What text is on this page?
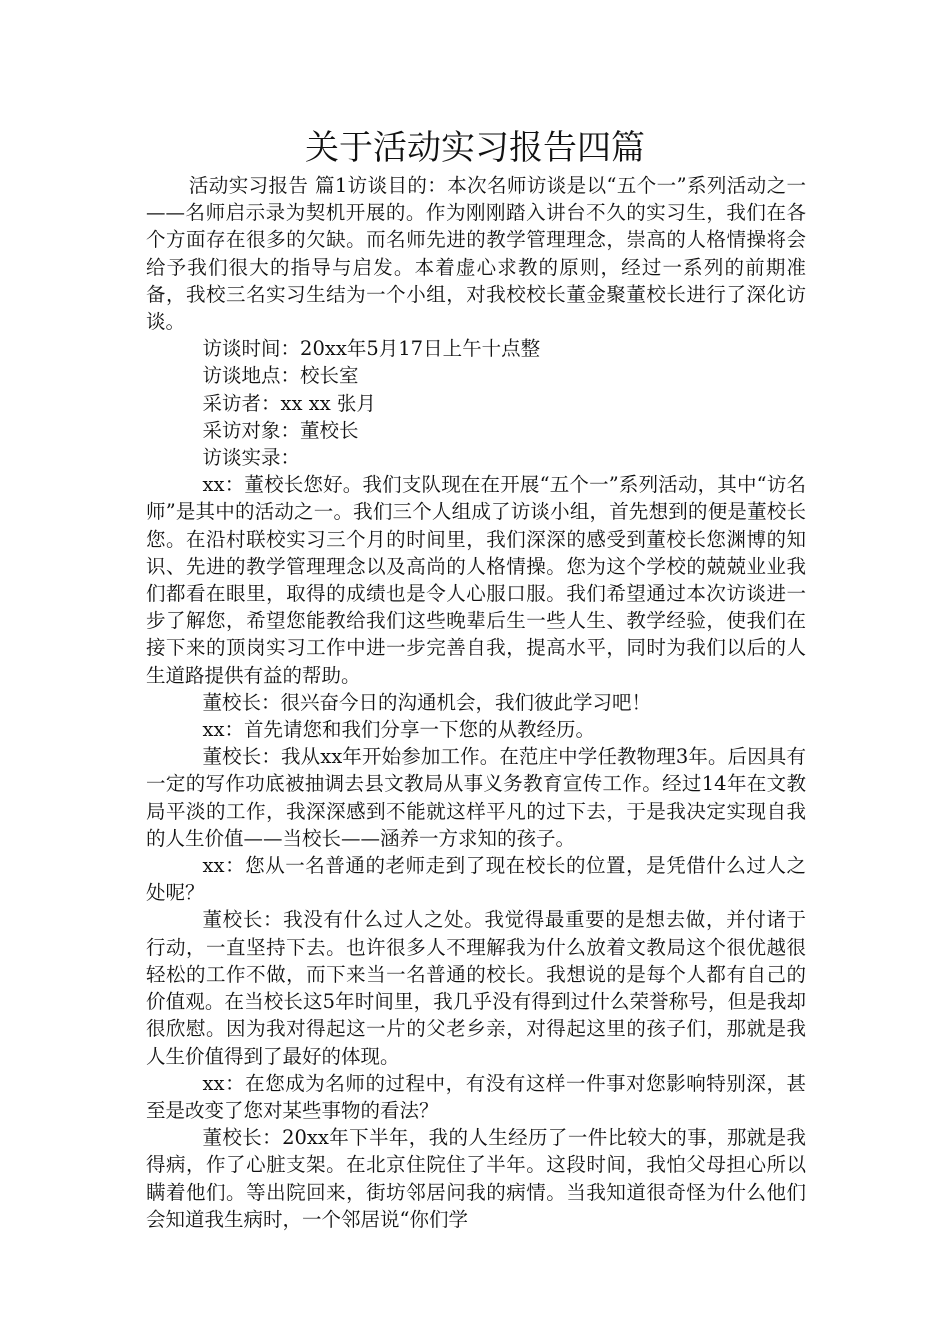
关于活动实习报告四篇

活动实习报告 篇1访谈目的：本次名师访谈是以“五个一”系列活动之一——名师启示录为契机开展的。作为刚刚踏入讲台不久的实习生，我们在各个方面存在很多的欠缺。而名师先进的教学管理理念，崇高的人格情操将会给予我们很大的指导与启发。本着虚心求教的原则，经过一系列的前期准备，我校三名实习生结为一个小组，对我校校长董金聚董校长进行了深化访谈。

访谈时间：20xx年5月17日上午十点整

访谈地点：校长室

采访者：xx xx 张月

采访对象：董校长

访谈实录：

xx：董校长您好。我们支队现在在开展“五个一”系列活动，其中“访名师”是其中的活动之一。我们三个人组成了访谈小组，首先想到的便是董校长您。在沿村联校实习三个月的时间里，我们深深的感受到董校长您渊博的知识、先进的教学管理理念以及高尚的人格情操。您为这个学校的兢兢业业我们都看在眼里，取得的成绩也是令人心服口服。我们希望通过本次访谈进一步了解您，希望您能教给我们这些晚辈后生一些人生、教学经验，使我们在接下来的顶岗实习工作中进一步完善自我，提高水平，同时为我们以后的人生道路提供有益的帮助。

董校长：很兴奋今日的沟通机会，我们彼此学习吧！

xx：首先请您和我们分享一下您的从教经历。

董校长：我从xx年开始参加工作。在范庄中学任教物理3年。后因具有一定的写作功底被抽调去县文教局从事义务教育宣传工作。经过14年在文教局平淡的工作，我深深感到不能就这样平凡的过下去，于是我决定实现自我的人生价值——当校长——涵养一方求知的孩子。

xx：您从一名普通的老师走到了现在校长的位置，是凭借什么过人之处呢？

董校长：我没有什么过人之处。我觉得最重要的是想去做，并付诸于行动，一直坚持下去。也许很多人不理解我为什么放着文教局这个很优越很轻松的工作不做，而下来当一名普通的校长。我想说的是每个人都有自己的价值观。在当校长这5年时间里，我几乎没有得到过什么荣誉称号，但是我却很欣慰。因为我对得起这一片的父老乡亲，对得起这里的孩子们，那就是我人生价值得到了最好的体现。

xx：在您成为名师的过程中，有没有这样一件事对您影响特别深，甚至是改变了您对某些事物的看法？

董校长：20xx年下半年，我的人生经历了一件比较大的事，那就是我得病，作了心脏支架。在北京住院住了半年。这段时间，我怕父母担心所以瞒着他们。等出院回来，街坊邻居问我的病情。当我知道很奇怪为什么他们会知道我生病时，一个邻居说“你们学
